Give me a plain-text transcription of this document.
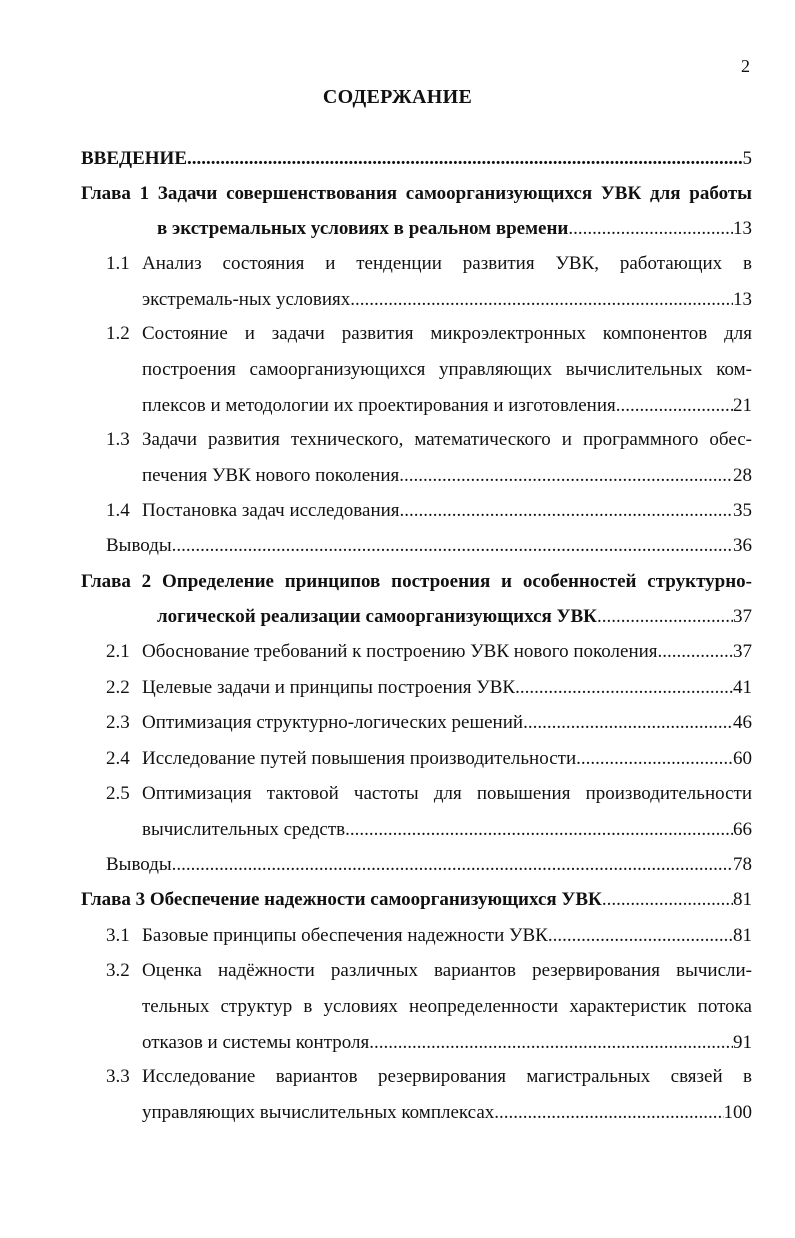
2
СОДЕРЖАНИЕ
ВВЕДЕНИЕ .....	5
Глава 1 Задачи совершенствования самоорганизующихся УВК для работы
в экстремальных условиях в реальном времени .....	13
1.1 Анализ состояния и тенденции развития УВК, работающих в
экстремаль-ных условиях .....	13
1.2 Состояние и задачи развития микроэлектронных компонентов для
построения самоорганизующихся управляющих вычислительных ком-
плексов и методологии их проектирования и изготовления .....	21
1.3 Задачи развития технического, математического и программного обес-
печения УВК нового поколения .....	28
1.4 Постановка задач исследования .....	35
Выводы .....	36
Глава 2 Определение принципов построения и особенностей структурно-
логической реализации самоорганизующихся УВК .....	37
2.1 Обоснование требований к построению УВК нового поколения .....	37
2.2 Целевые задачи и принципы построения УВК .....	41
2.3 Оптимизация структурно-логических решений .....	46
2.4 Исследование путей повышения производительности .....	60
2.5 Оптимизация тактовой частоты для повышения производительности
вычислительных средств .....	66
Выводы .....	78
Глава 3 Обеспечение надежности самоорганизующихся УВК .....	81
3.1 Базовые принципы обеспечения надежности УВК .....	81
3.2 Оценка надёжности различных вариантов резервирования вычисли-
тельных структур в условиях неопределенности характеристик потока
отказов и системы контроля .....	91
3.3 Исследование вариантов резервирования магистральных связей в
управляющих вычислительных комплексах .....	100
